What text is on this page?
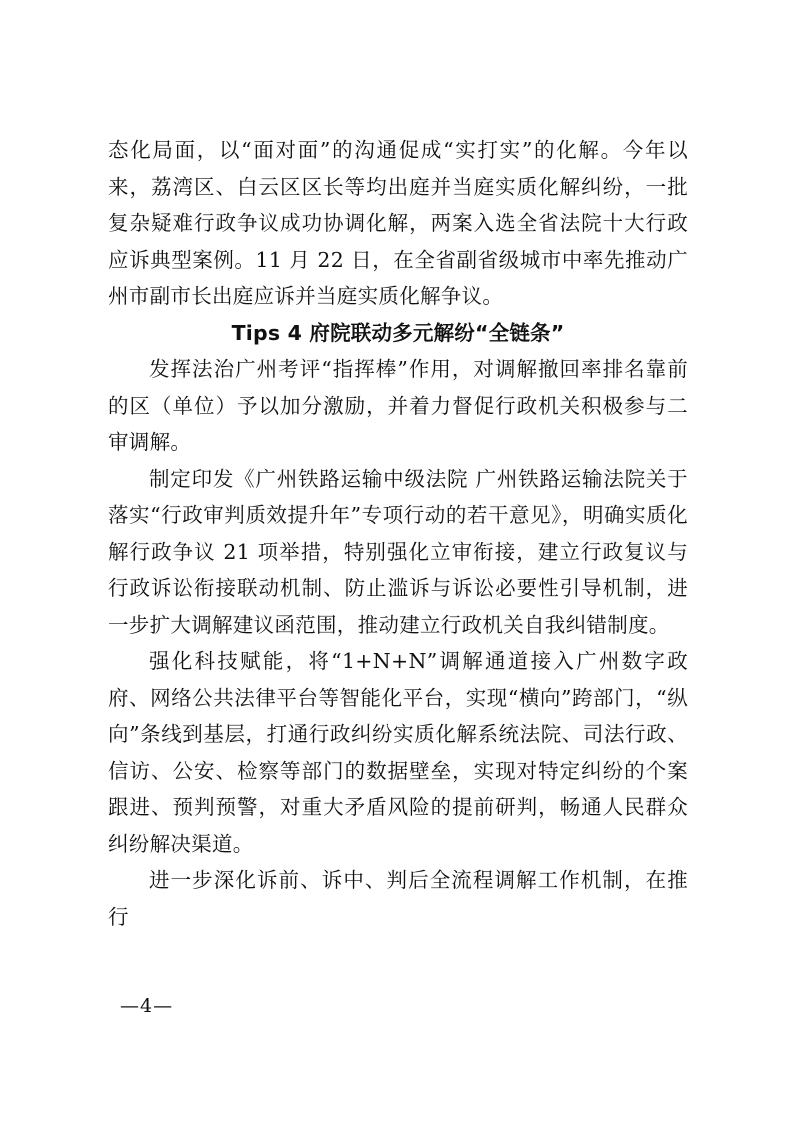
态化局面，以“面对面”的沟通促成“实打实”的化解。今年以来，荔湾区、白云区区长等均出庭并当庭实质化解纠纷，一批复杂疑难行政争议成功协调化解，两案入选全省法院十大行政应诉典型案例。11 月 22 日，在全省副省级城市中率先推动广州市副市长出庭应诉并当庭实质化解争议。

Tips 4 府院联动多元解纷“全链条”

发挥法治广州考评“指挥棒”作用，对调解撤回率排名靠前的区（单位）予以加分激励，并着力督促行政机关积极参与二审调解。

制定印发《广州铁路运输中级法院 广州铁路运输法院关于落实“行政审判质效提升年”专项行动的若干意见》，明确实质化解行政争议 21 项举措，特别强化立审衔接，建立行政复议与行政诉讼衔接联动机制、防止滥诉与诉讼必要性引导机制，进一步扩大调解建议函范围，推动建立行政机关自我纠错制度。

强化科技赋能，将“1+N+N”调解通道接入广州数字政府、网络公共法律平台等智能化平台，实现“横向”跨部门，“纵向”条线到基层，打通行政纠纷实质化解系统法院、司法行政、信访、公安、检察等部门的数据壁垒，实现对特定纠纷的个案跟进、预判预警，对重大矛盾风险的提前研判，畅通人民群众纠纷解决渠道。

进一步深化诉前、诉中、判后全流程调解工作机制，在推行

—4—
